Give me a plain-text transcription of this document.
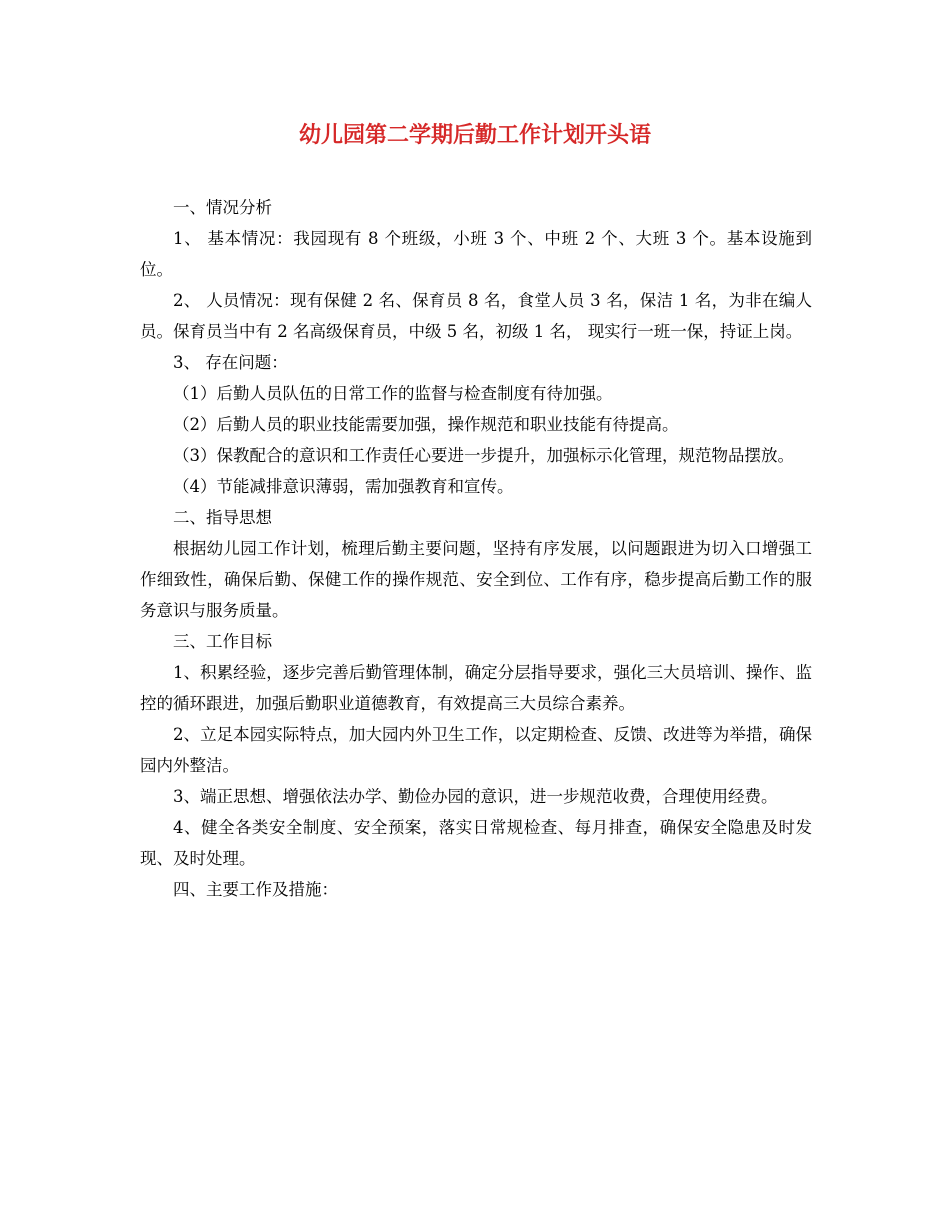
幼儿园第二学期后勤工作计划开头语

一、情况分析

1、 基本情况：我园现有 8 个班级，小班 3 个、中班 2 个、大班 3 个。基本设施到位。

2、 人员情况：现有保健 2 名、保育员 8 名，食堂人员 3 名，保洁 1 名，为非在编人员。保育员当中有 2 名高级保育员，中级 5 名，初级 1 名， 现实行一班一保，持证上岗。

3、 存在问题：

（1）后勤人员队伍的日常工作的监督与检查制度有待加强。

（2）后勤人员的职业技能需要加强，操作规范和职业技能有待提高。

（3）保教配合的意识和工作责任心要进一步提升，加强标示化管理，规范物品摆放。

（4）节能减排意识薄弱，需加强教育和宣传。

二、指导思想

根据幼儿园工作计划，梳理后勤主要问题，坚持有序发展，以问题跟进为切入口增强工作细致性，确保后勤、保健工作的操作规范、安全到位、工作有序，稳步提高后勤工作的服务意识与服务质量。

三、工作目标

1、积累经验，逐步完善后勤管理体制，确定分层指导要求，强化三大员培训、操作、监控的循环跟进，加强后勤职业道德教育，有效提高三大员综合素养。

2、立足本园实际特点，加大园内外卫生工作，以定期检查、反馈、改进等为举措，确保园内外整洁。

3、端正思想、增强依法办学、勤俭办园的意识，进一步规范收费，合理使用经费。

4、健全各类安全制度、安全预案，落实日常规检查、每月排查，确保安全隐患及时发现、及时处理。

四、主要工作及措施：
